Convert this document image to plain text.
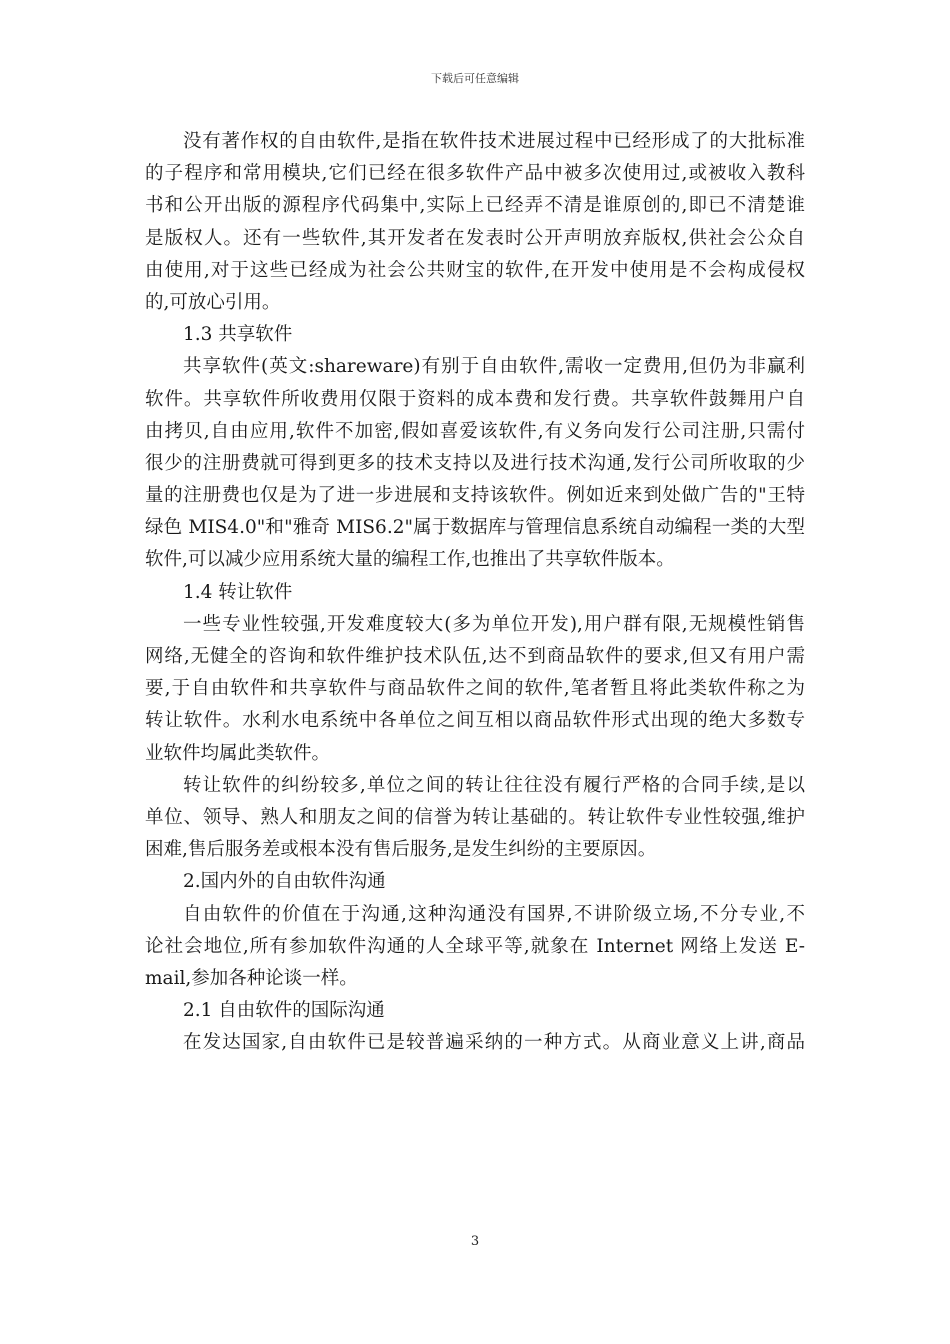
下载后可任意编辑
没有著作权的自由软件,是指在软件技术进展过程中已经形成了的大批标准
的子程序和常用模块,它们已经在很多软件产品中被多次使用过,或被收入教科
书和公开出版的源程序代码集中,实际上已经弄不清是谁原创的,即已不清楚谁
是版权人。还有一些软件,其开发者在发表时公开声明放弃版权,供社会公众自
由使用,对于这些已经成为社会公共财宝的软件,在开发中使用是不会构成侵权
的,可放心引用。
1.3 共享软件
共享软件(英文:shareware)有别于自由软件,需收一定费用,但仍为非赢利
软件。共享软件所收费用仅限于资料的成本费和发行费。共享软件鼓舞用户自
由拷贝,自由应用,软件不加密,假如喜爱该软件,有义务向发行公司注册,只需付
很少的注册费就可得到更多的技术支持以及进行技术沟通,发行公司所收取的少
量的注册费也仅是为了进一步进展和支持该软件。例如近来到处做广告的"王特
绿色 MIS4.0"和"雅奇 MIS6.2"属于数据库与管理信息系统自动编程一类的大型
软件,可以减少应用系统大量的编程工作,也推出了共享软件版本。
1.4 转让软件
一些专业性较强,开发难度较大(多为单位开发),用户群有限,无规模性销售
网络,无健全的咨询和软件维护技术队伍,达不到商品软件的要求,但又有用户需
要,于自由软件和共享软件与商品软件之间的软件,笔者暂且将此类软件称之为
转让软件。水利水电系统中各单位之间互相以商品软件形式出现的绝大多数专
业软件均属此类软件。
转让软件的纠纷较多,单位之间的转让往往没有履行严格的合同手续,是以
单位、领导、熟人和朋友之间的信誉为转让基础的。转让软件专业性较强,维护
困难,售后服务差或根本没有售后服务,是发生纠纷的主要原因。
2.国内外的自由软件沟通
自由软件的价值在于沟通,这种沟通没有国界,不讲阶级立场,不分专业,不
论社会地位,所有参加软件沟通的人全球平等,就象在 Internet 网络上发送 E-
mail,参加各种论谈一样。
2.1 自由软件的国际沟通
在发达国家,自由软件已是较普遍采纳的一种方式。从商业意义上讲,商品
3
